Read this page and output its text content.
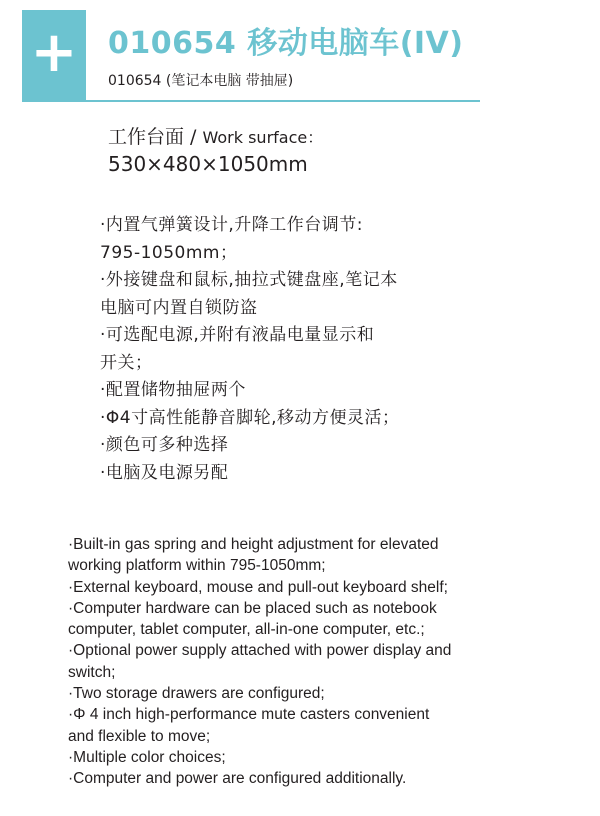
+ 010654 移动电脑车(IV)
010654 (笔记本电脑 带抽屉)
工作台面 / Work surface：
530×480×1050mm
·内置气弹簧设计,升降工作台调节:
795-1050mm；
·外接键盘和鼠标,抽拉式键盘座,笔记本
电脑可内置自锁防盗
·可选配电源,并附有液晶电量显示和
开关；
·配置储物抽屉两个
·Φ4寸高性能静音脚轮,移动方便灵活；
·颜色可多种选择
·电脑及电源另配
·Built-in gas spring and height adjustment for elevated
working platform within 795-1050mm;
·External keyboard, mouse and pull-out keyboard shelf;
·Computer hardware can be placed such as notebook
computer, tablet computer, all-in-one computer, etc.;
·Optional power supply attached with power display and
switch;
·Two storage drawers are configured;
·Φ 4 inch high-performance mute casters convenient
and flexible to move;
·Multiple color choices;
·Computer and power are configured additionally.
